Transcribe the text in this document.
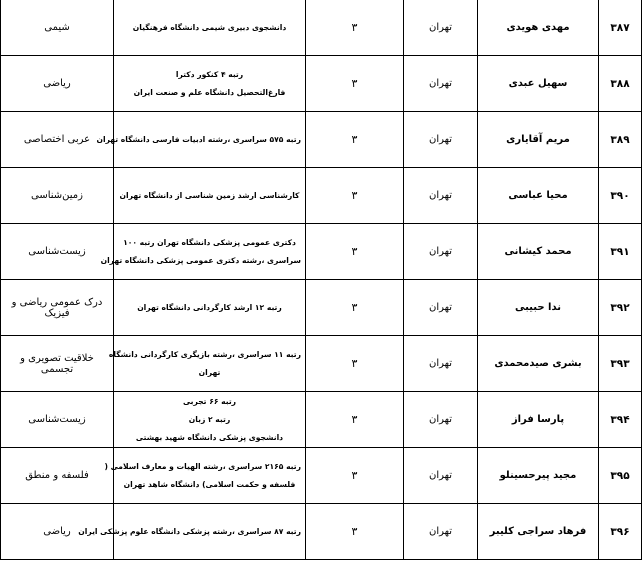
۳۸۷	مهدی هویدی	تهران	۳	دانشجوی دبیری شیمی دانشگاه فرهنگیان	شیمی
۳۸۸	سهیل عبدی	تهران	۳	رتبه ۴ کنکور دکترا
فارغ‌التحصیل دانشگاه علم و صنعت ایران	ریاضی
۳۸۹	مریم آقایاری	تهران	۳	رتبه ۵۷۵ سراسری ،رشته ادبیات فارسی دانشگاه تهران	عربی اختصاصی
۳۹۰	محیا عباسی	تهران	۳	کارشناسی ارشد زمین شناسی از دانشگاه تهران	زمین‌شناسی
۳۹۱	محمد کیشانی	تهران	۳	دکتری عمومی پزشکی دانشگاه تهران رتبه ۱۰۰
سراسری ،رشته دکتری عمومی پزشکی دانشگاه تهران	زیست‌شناسی
۳۹۲	ندا حبیبی	تهران	۳	رتبه ۱۲ ارشد کارگردانی دانشگاه تهران	درک عمومی ریاضی و فیزیک
۳۹۳	بشری صیدمحمدی	تهران	۳	رتبه ۱۱ سراسری ،رشته بازیگری کارگردانی دانشگاه
تهران	خلاقیت تصویری و تجسمی
۳۹۴	پارسا فراز	تهران	۳	رتبه ۶۶ تجربی
رتبه ۲ زبان
دانشجوی پزشکی دانشگاه شهید بهشتی	زیست‌شناسی
۳۹۵	مجید پیرحسینلو	تهران	۳	رتبه ۲۱۶۵ سراسری ،رشته الهیات و معارف اسلامی (
فلسفه و حکمت اسلامی) دانشگاه شاهد تهران	فلسفه و منطق
۳۹۶	فرهاد سراجی کلیبر	تهران	۳	رتبه ۸۷ سراسری ،رشته پزشکی دانشگاه علوم پزشکی ایران	ریاضی
